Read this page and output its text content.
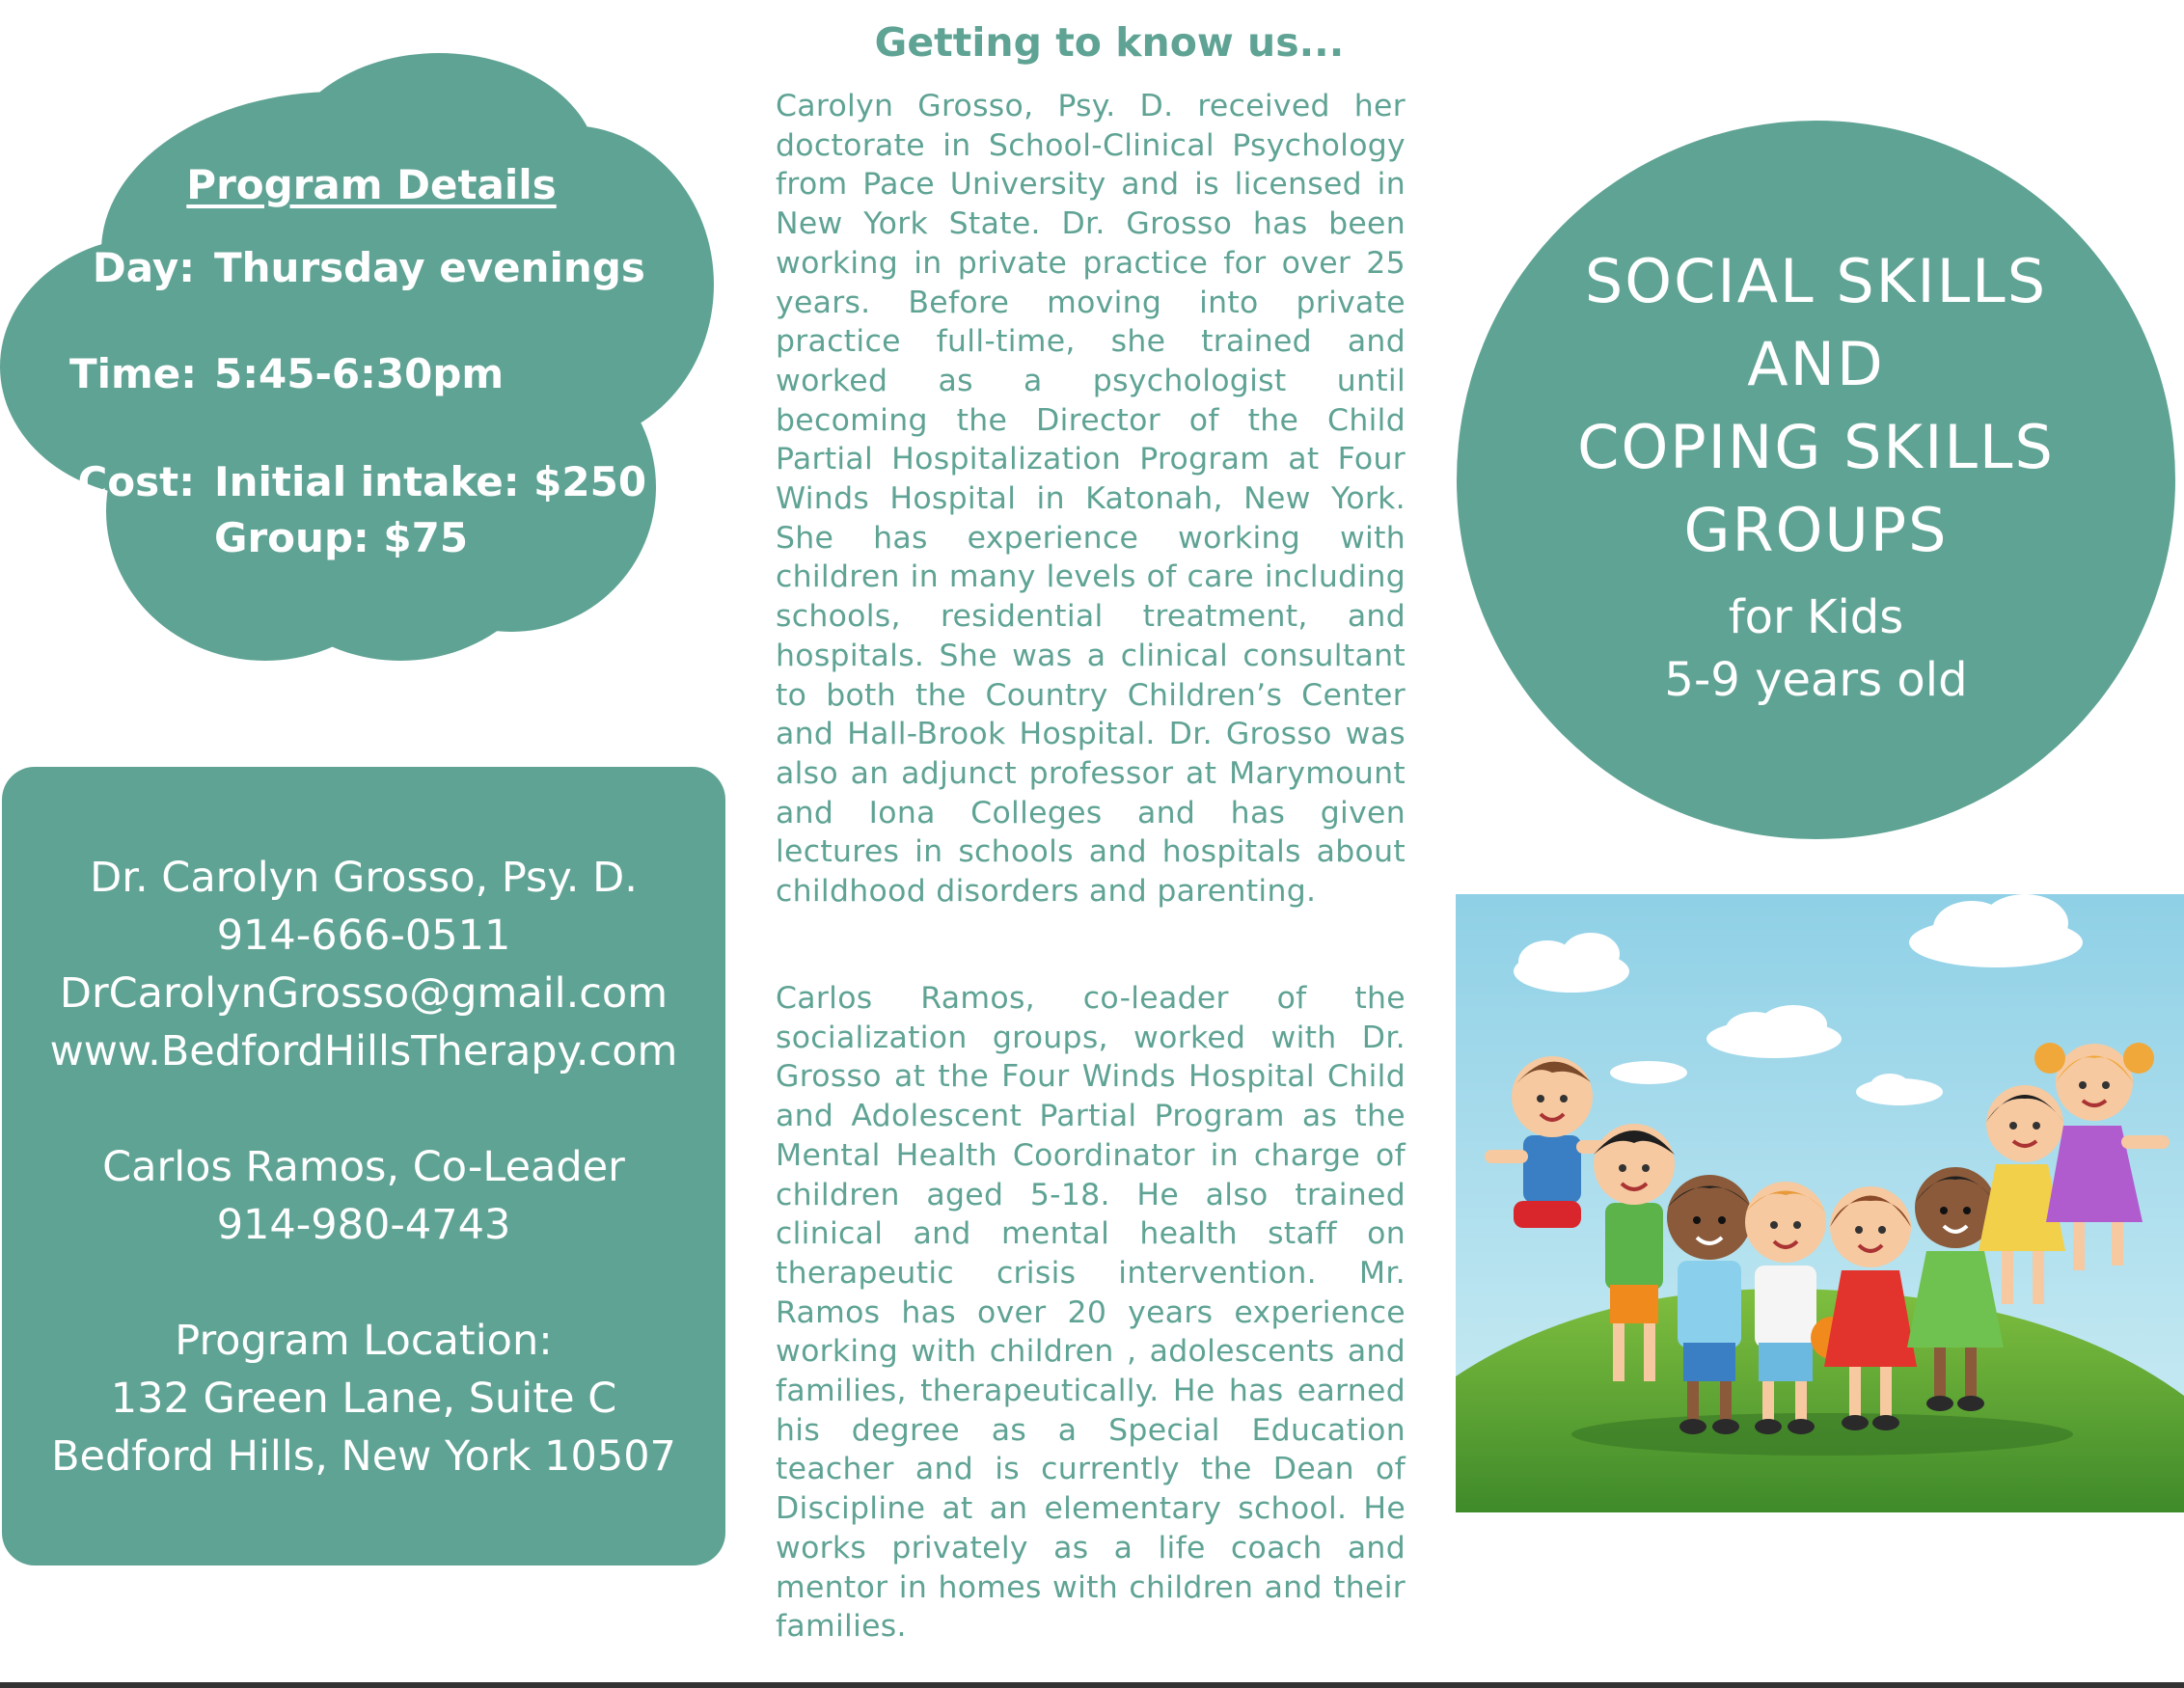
Program Details
Day: Thursday evenings
Time: 5:45-6:30pm
Cost: Initial intake: $250
Group: $75
Dr. Carolyn Grosso, Psy. D.
914-666-0511
DrCarolynGrosso@gmail.com
www.BedfordHillsTherapy.com
Carlos Ramos, Co-Leader
914-980-4743
Program Location:
132 Green Lane, Suite C
Bedford Hills, New York 10507
Getting to know us...
Carolyn Grosso, Psy. D. received her doctorate in School-Clinical Psychology from Pace University and is licensed in New York State. Dr. Grosso has been working in private practice for over 25 years. Before moving into private practice full-time, she trained and worked as a psychologist until becoming the Director of the Child Partial Hospitalization Program at Four Winds Hospital in Katonah, New York. She has experience working with children in many levels of care including schools, residential treatment, and hospitals. She was a clinical consultant to both the Country Children’s Center and Hall-Brook Hospital. Dr. Grosso was also an adjunct professor at Marymount and Iona Colleges and has given lectures in schools and hospitals about childhood disorders and parenting.
Carlos Ramos, co-leader of the socialization groups, worked with Dr. Grosso at the Four Winds Hospital Child and Adolescent Partial Program as the Mental Health Coordinator in charge of children aged 5-18. He also trained clinical and mental health staff on therapeutic crisis intervention. Mr. Ramos has over 20 years experience working with children , adolescents and families, therapeutically. He has earned his degree as a Special Education teacher and is currently the Dean of Discipline at an elementary school. He works privately as a life coach and mentor in homes with children and their families.
SOCIAL SKILLS
AND
COPING SKILLS
GROUPS
for Kids
5-9 years old
